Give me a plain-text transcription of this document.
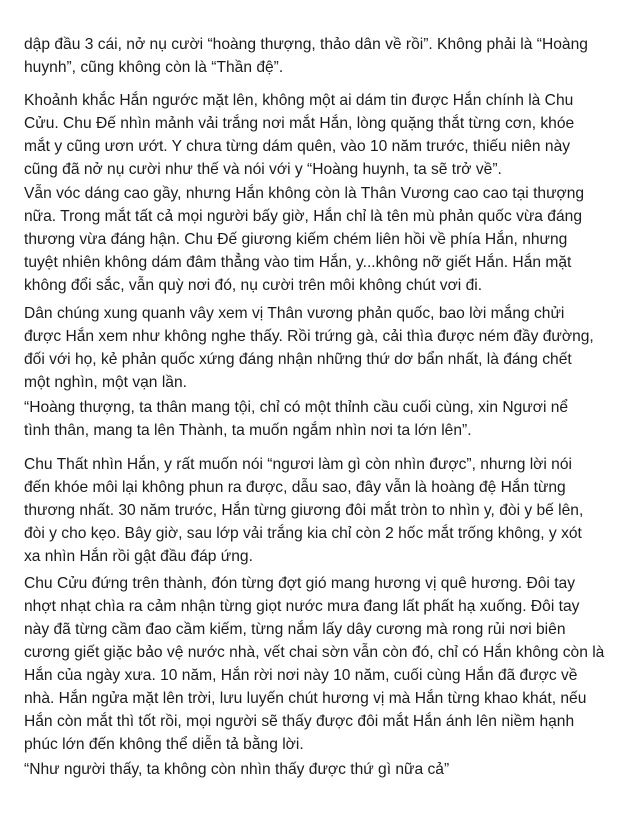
dập đầu 3 cái, nở nụ cười “hoàng thượng, thảo dân về rồi”. Không phải là “Hoàng
huynh”, cũng không còn là “Thần đệ”.

Khoảnh khắc Hắn ngước mặt lên, không một ai dám tin được Hắn chính là Chu
Cửu. Chu Đế nhìn mảnh vải trắng nơi mắt Hắn, lòng quặng thắt từng cơn, khóe
mắt y cũng ươn ướt. Y chưa từng dám quên, vào 10 năm trước, thiếu niên này
cũng đã nở nụ cười như thế và nói với y “Hoàng huynh, ta sẽ trở về”.

Vẫn vóc dáng cao gầy, nhưng Hắn không còn là Thân Vương cao cao tại thượng
nữa. Trong mắt tất cả mọi người bấy giờ, Hắn chỉ là tên mù phản quốc vừa đáng
thương vừa đáng hận. Chu Đế giương kiếm chém liên hồi về phía Hắn, nhưng
tuyệt nhiên không dám đâm thẳng vào tim Hắn, y...không nỡ giết Hắn. Hắn mặt
không đổi sắc, vẫn quỳ nơi đó, nụ cười trên môi không chút vơi đi.

Dân chúng xung quanh vây xem vị Thân vương phản quốc, bao lời mắng chửi
được Hắn xem như không nghe thấy. Rồi trứng gà, cải thìa được ném đầy đường,
đối với họ, kẻ phản quốc xứng đáng nhận những thứ dơ bẩn nhất, là đáng chết
một nghìn, một vạn lần.

“Hoàng thượng, ta thân mang tội, chỉ có một thỉnh cầu cuối cùng, xin Ngươi nể
tình thân, mang ta lên Thành, ta muốn ngắm nhìn nơi ta lớn lên”.

Chu Thất nhìn Hắn, y rất muốn nói “ngươi làm gì còn nhìn được”, nhưng lời nói
đến khóe môi lại không phun ra được, dẫu sao, đây vẫn là hoàng đệ Hắn từng
thương nhất. 30 năm trước, Hắn từng giương đôi mắt tròn to nhìn y, đòi y bế lên,
đòi y cho kẹo. Bây giờ, sau lớp vải trắng kia chỉ còn 2 hốc mắt trống không, y xót
xa nhìn Hắn rồi gật đầu đáp ứng.

Chu Cửu đứng trên thành, đón từng đợt gió mang hương vị quê hương. Đôi tay
nhợt nhạt chìa ra cảm nhận từng giọt nước mưa đang lất phất hạ xuống. Đôi tay
này đã từng cầm đao cầm kiếm, từng nắm lấy dây cương mà rong rủi nơi biên
cương giết giặc bảo vệ nước nhà, vết chai sờn vẫn còn đó, chỉ có Hắn không còn là
Hắn của ngày xưa. 10 năm, Hắn rời nơi này 10 năm, cuối cùng Hắn đã được về
nhà. Hắn ngửa mặt lên trời, lưu luyến chút hương vị mà Hắn từng khao khát, nếu
Hắn còn mắt thì tốt rồi, mọi người sẽ thấy được đôi mắt Hắn ánh lên niềm hạnh
phúc lớn đến không thể diễn tả bằng lời.

“Như người thấy, ta không còn nhìn thấy được thứ gì nữa cả”
